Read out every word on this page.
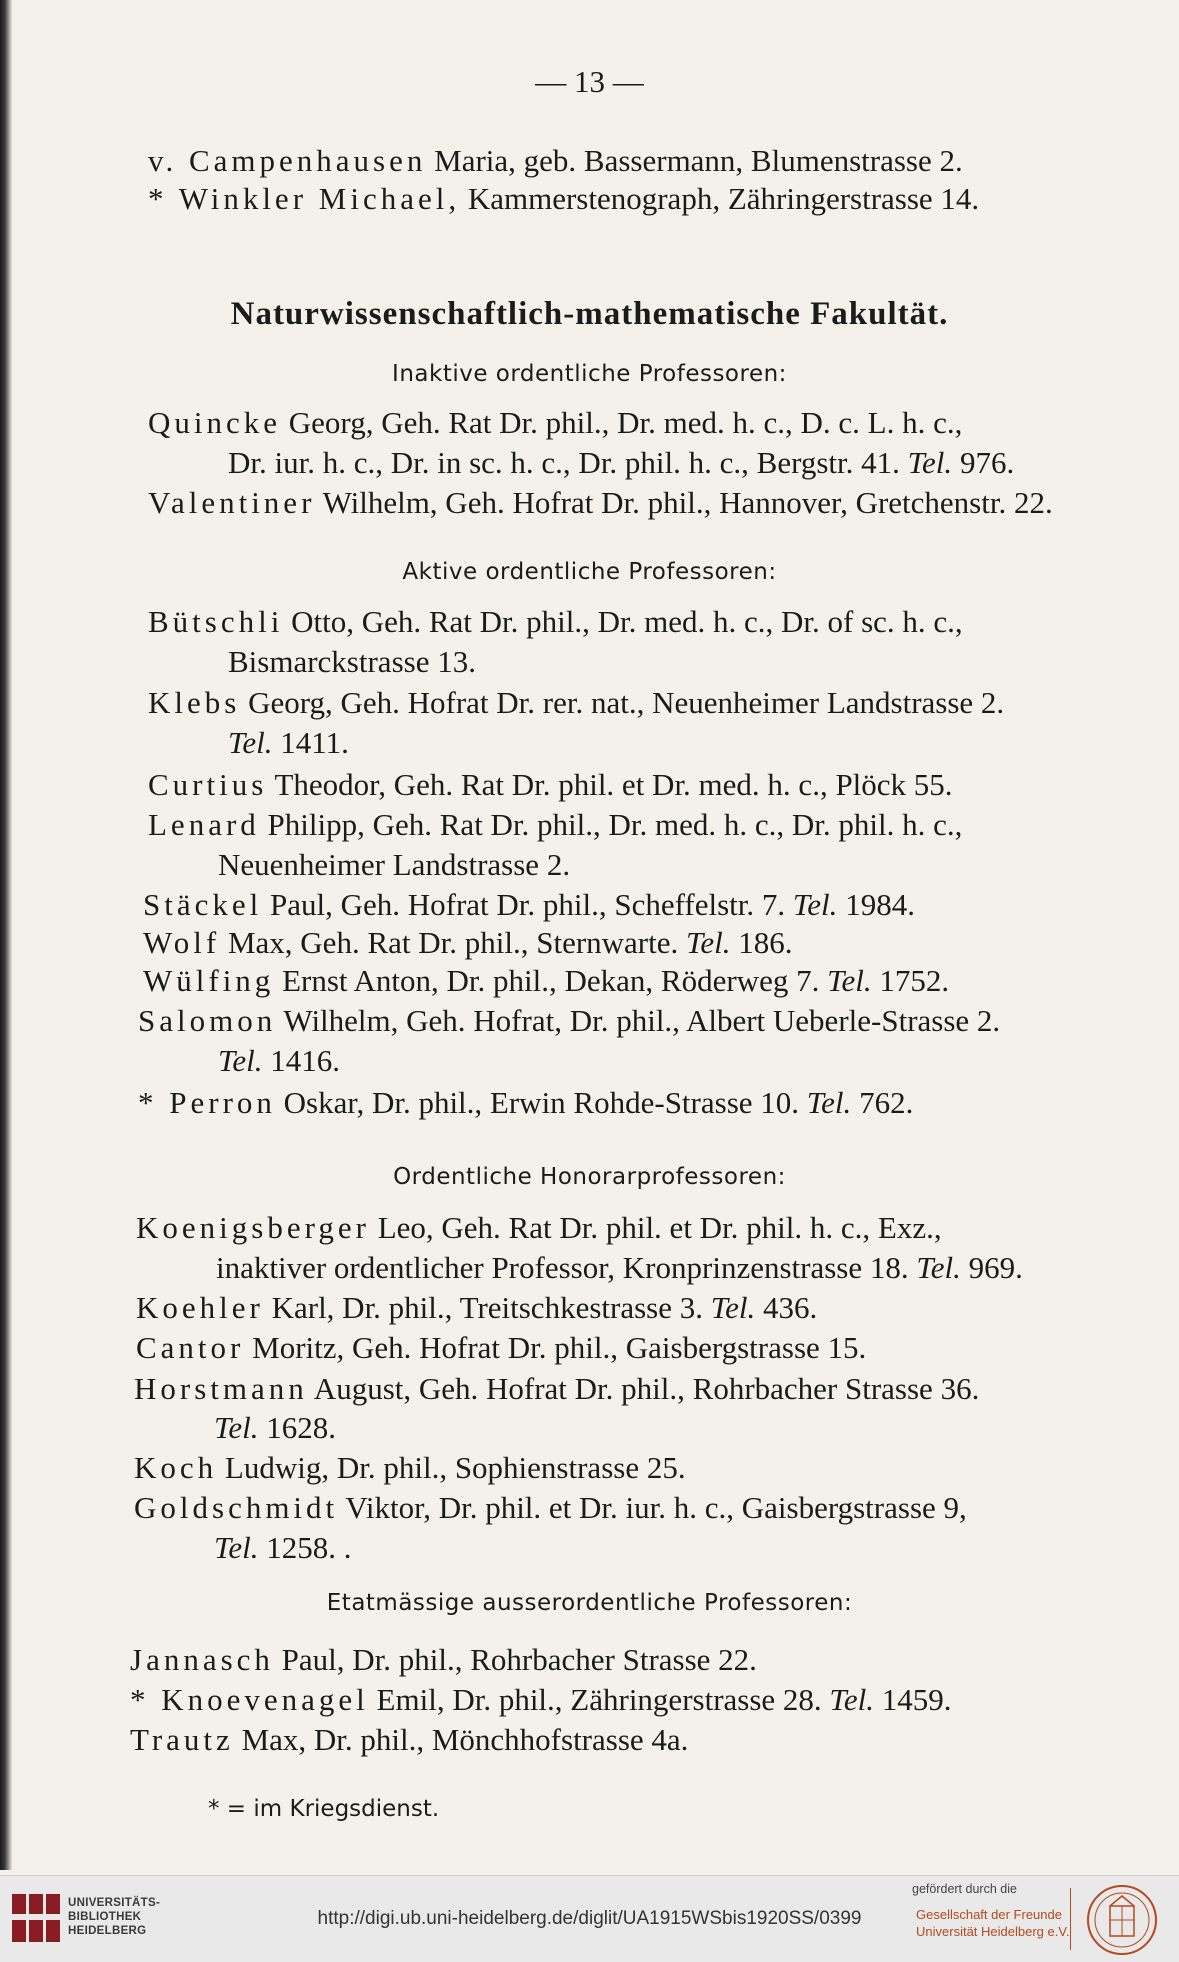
— 13 —
v. Campenhausen Maria, geb. Bassermann, Blumenstrasse 2.
* Winkler Michael, Kammerstenograph, Zähringerstrasse 14.
Naturwissenschaftlich-mathematische Fakultät.
Inaktive ordentliche Professoren:
Quincke Georg, Geh. Rat Dr. phil., Dr. med. h. c., D. c. L. h. c.,
Dr. iur. h. c., Dr. in sc. h. c., Dr. phil. h. c., Bergstr. 41. Tel. 976.
Valentiner Wilhelm, Geh. Hofrat Dr. phil., Hannover, Gretchenstr. 22.
Aktive ordentliche Professoren:
Bütschli Otto, Geh. Rat Dr. phil., Dr. med. h. c., Dr. of sc. h. c.,
Bismarckstrasse 13.
Klebs Georg, Geh. Hofrat Dr. rer. nat., Neuenheimer Landstrasse 2.
Tel. 1411.
Curtius Theodor, Geh. Rat Dr. phil. et Dr. med. h. c., Plöck 55.
Lenard Philipp, Geh. Rat Dr. phil., Dr. med. h. c., Dr. phil. h. c.,
Neuenheimer Landstrasse 2.
Stäckel Paul, Geh. Hofrat Dr. phil., Scheffelstr. 7. Tel. 1984.
Wolf Max, Geh. Rat Dr. phil., Sternwarte. Tel. 186.
Wülfing Ernst Anton, Dr. phil., Dekan, Röderweg 7. Tel. 1752.
Salomon Wilhelm, Geh. Hofrat, Dr. phil., Albert Ueberle-Strasse 2.
Tel. 1416.
* Perron Oskar, Dr. phil., Erwin Rohde-Strasse 10. Tel. 762.
Ordentliche Honorarprofessoren:
Koenigsberger Leo, Geh. Rat Dr. phil. et Dr. phil. h. c., Exz.,
inaktiver ordentlicher Professor, Kronprinzenstrasse 18. Tel. 969.
Koehler Karl, Dr. phil., Treitschkestrasse 3. Tel. 436.
Cantor Moritz, Geh. Hofrat Dr. phil., Gaisbergstrasse 15.
Horstmann August, Geh. Hofrat Dr. phil., Rohrbacher Strasse 36.
Tel. 1628.
Koch Ludwig, Dr. phil., Sophienstrasse 25.
Goldschmidt Viktor, Dr. phil. et Dr. iur. h. c., Gaisbergstrasse 9,
Tel. 1258. .
Etatmässige ausserordentliche Professoren:
Jannasch Paul, Dr. phil., Rohrbacher Strasse 22.
* Knoevenagel Emil, Dr. phil., Zähringerstrasse 28. Tel. 1459.
Trautz Max, Dr. phil., Mönchhofstrasse 4a.
* = im Kriegsdienst.
UNIVERSITÄTS-
BIBLIOTHEK
HEIDELBERG
http://digi.ub.uni-heidelberg.de/diglit/UA1915WSbis1920SS/0399
gefördert durch die
Gesellschaft der Freunde
Universität Heidelberg e.V.
